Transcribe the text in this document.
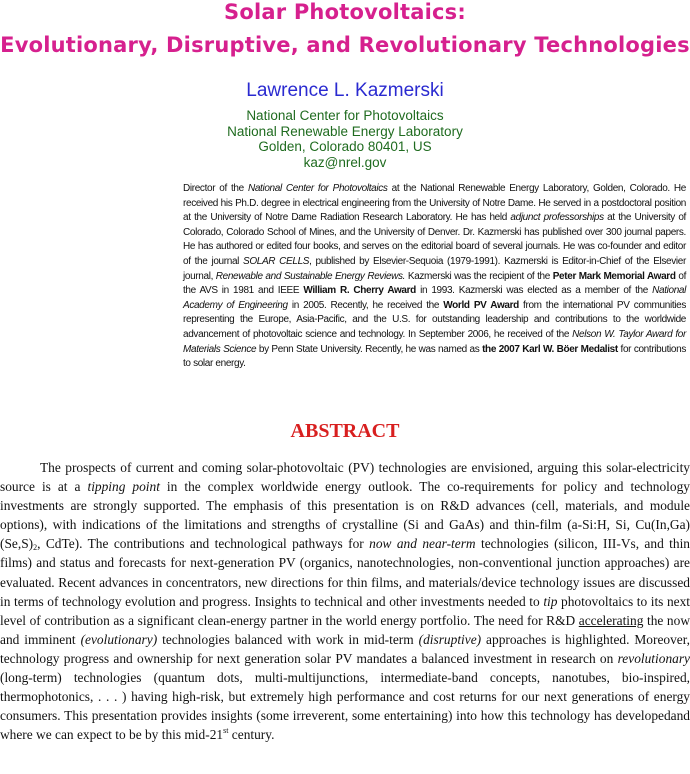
Solar Photovoltaics:
Evolutionary, Disruptive, and Revolutionary Technologies
Lawrence L. Kazmerski
National Center for Photovoltaics
National Renewable Energy Laboratory
Golden, Colorado 80401, US
kaz@nrel.gov

Director of the National Center for Photovoltaics at the National Renewable Energy Laboratory, Golden, Colorado. He received his Ph.D. degree in electrical engineering from the University of Notre Dame. He served in a postdoctoral position at the University of Notre Dame Radiation Research Laboratory. He has held adjunct professorships at the University of Colorado, Colorado School of Mines, and the University of Denver. Dr. Kazmerski has published over 300 journal papers. He has authored or edited four books, and serves on the editorial board of several journals. He was co-founder and editor of the journal SOLAR CELLS, published by Elsevier-Sequoia (1979-1991). Kazmerski is Editor-in-Chief of the Elsevier journal, Renewable and Sustainable Energy Reviews. Kazmerski was the recipient of the Peter Mark Memorial Award of the AVS in 1981 and IEEE William R. Cherry Award in 1993. Kazmerski was elected as a member of the National Academy of Engineering in 2005. Recently, he received the World PV Award from the international PV communities representing the Europe, Asia-Pacific, and the U.S. for outstanding leadership and contributions to the worldwide advancement of photovoltaic science and technology. In September 2006, he received of the Nelson W. Taylor Award for Materials Science by Penn State University. Recently, he was named as the 2007 Karl W. Böer Medalist for contributions to solar energy.

ABSTRACT

The prospects of current and coming solar-photovoltaic (PV) technologies are envisioned, arguing this solar-electricity source is at a tipping point in the complex worldwide energy outlook. The co-requirements for policy and technology investments are strongly supported. The emphasis of this presentation is on R&D advances (cell, materials, and module options), with indications of the limitations and strengths of crystalline (Si and GaAs) and thin-film (a-Si:H, Si, $Cu(In,Ga)(Se,S)_2$, CdTe). The contributions and technological pathways for now and near-term technologies (silicon, III-Vs, and thin films) and status and forecasts for next-generation PV (organics, nanotechnologies, non-conventional junction approaches) are evaluated. Recent advances in concentrators, new directions for thin films, and materials/device technology issues are discussed in terms of technology evolution and progress. Insights to technical and other investments needed to tip photovoltaics to its next level of contribution as a significant clean-energy partner in the world energy portfolio. The need for R&D accelerating the now and imminent (evolutionary) technologies balanced with work in mid-term (disruptive) approaches is highlighted. Moreover, technology progress and ownership for next generation solar PV mandates a balanced investment in research on revolutionary (long-term) technologies (quantum dots, multi-multijunctions, intermediate-band concepts, nanotubes, bio-inspired, thermophotonics, . . . ) having high-risk, but extremely high performance and cost returns for our next generations of energy consumers. This presentation provides insights (some irreverent, some entertaining) into how this technology has developedand where we can expect to be by this mid-21st century.
